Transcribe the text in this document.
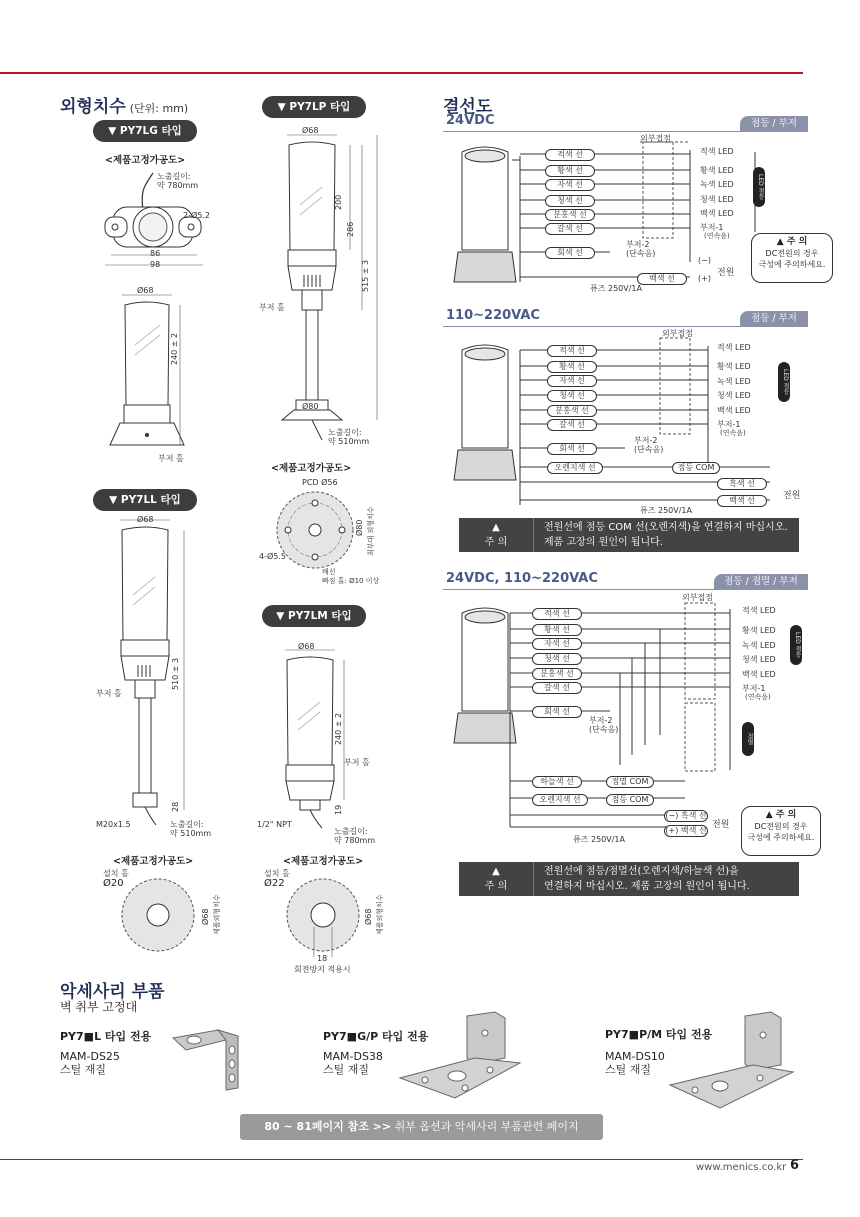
외형치수 (단위: mm)
▼ PY7LG 타입
▼ PY7LP 타입
▼ PY7LL 타입
▼ PY7LM 타입
<제품고정가공도>
<제품고정가공도>
<제품고정가공도>	<제품고정가공도>
노출길이:
약 780mm
2-Ø5.2
86
98
Ø68
240 ± 2
부저 홀
Ø68
200
286
515 ± 3
부저 홀
Ø80
노출길이:
약 510mm
PCD Ø56
4-Ø5.5
Ø80 최부대 외형치수
배선
빠짐 홀: Ø10 이상
Ø68
510 ± 3
부저 홀
M20x1.5
28
노출길이:
약 510mm
설치 홀
Ø20
Ø68 제품외형치수
Ø68
240 ± 2
부저 홀
1/2" NPT
19
노출길이:
약 780mm
설치 홀
Ø22
Ø68 제품외형치수
18
회전방지 적용시
결선도
24VDC	점등 / 부저
외부접점
적색 선
황색 선
자색 선
청색 선
분홍색 선
갈색 선
회색 선
적색 LED
황색 LED
녹색 LED
청색 LED
백색 LED
부저-1
(연속음)
LED 점등
부저-2
(단속음)
퓨즈 250V/1A
백색 선
(−)
(+)
전원
▲ 주 의
DC전원의 경우
극성에 주의하세요.
110~220VAC	점등 / 부저
외부접점
적색 선
황색 선
자색 선
청색 선
분홍색 선
갈색 선
회색 선
적색 LED
황색 LED
녹색 LED
청색 LED
백색 LED
부저-1
(연속음)
LED 점등
부저-2
(단속음)
오렌지색 선	점등 COM
흑색 선
백색 선
퓨즈 250V/1A
전원
▲
주 의
전원선에 점등 COM 선(오렌지색)을 연결하지 마십시오.
제품 고장의 원인이 됩니다.
24VDC, 110~220VAC	점등 / 점멸 / 부저
외부접점
적색 선
황색 선
자색 선
청색 선
분홍색 선
갈색 선
회색 선
적색 LED
황색 LED
녹색 LED
청색 LED
백색 LED
부저-1
(연속음)
LED 점등
점멸
부저-2
(단속음)
하늘색 선	점멸 COM
오렌지색 선	점등 COM
(−) 흑색 선
(+) 백색 선
퓨즈 250V/1A
전원
▲ 주 의
DC전원의 경우
극성에 주의하세요.
▲
주 의
전원선에 점등/점멸선(오렌지색/하늘색 선)을
연결하지 마십시오. 제품 고장의 원인이 됩니다.
악세사리 부품
벽 취부 고정대
PY7■L 타입 전용
MAM-DS25
스틸 재질
PY7■G/P 타입 전용
MAM-DS38
스틸 재질
PY7■P/M 타입 전용
MAM-DS10
스틸 재질
80 ~ 81페이지 참조 >> 취부 옵션과 악세사리 부품관련 페이지
www.menics.co.kr 6
